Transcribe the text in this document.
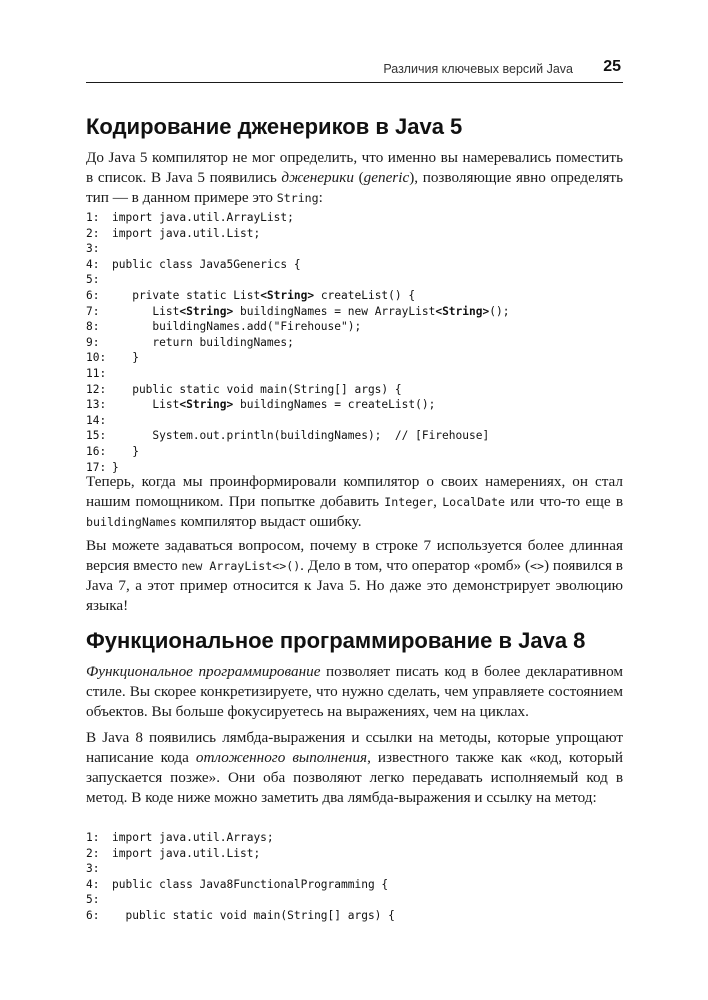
Различия ключевых версий Java 25
Кодирование дженериков в Java 5

До Java 5 компилятор не мог определить, что именно вы намеревались поместить в список. В Java 5 появились дженерики (generic), позволяющие явно определять тип — в данном примере это String:

1: import java.util.ArrayList;
2: import java.util.List;
3:
4: public class Java5Generics {
5:
6:   private static List<String> createList() {
7:      List<String> buildingNames = new ArrayList<String>();
8:      buildingNames.add("Firehouse");
9:      return buildingNames;
10:   }
11:
12:   public static void main(String[] args) {
13:      List<String> buildingNames = createList();
14:
15:      System.out.println(buildingNames);  // [Firehouse]
16:   }
17: }

Теперь, когда мы проинформировали компилятор о своих намерениях, он стал нашим помощником. При попытке добавить Integer, LocalDate или что-то еще в buildingNames компилятор выдаст ошибку.

Вы можете задаваться вопросом, почему в строке 7 используется более длинная версия вместо new ArrayList<>(). Дело в том, что оператор «ромб» (<>) появился в Java 7, а этот пример относится к Java 5. Но даже это демонстрирует эволюцию языка!

Функциональное программирование в Java 8

Функциональное программирование позволяет писать код в более декларативном стиле. Вы скорее конкретизируете, что нужно сделать, чем управляете состоянием объектов. Вы больше фокусируетесь на выражениях, чем на циклах.

В Java 8 появились лямбда-выражения и ссылки на методы, которые упрощают написание кода отложенного выполнения, известного также как «код, который запускается позже». Они оба позволяют легко передавать исполняемый код в метод. В коде ниже можно заметить два лямбда-выражения и ссылку на метод:

1: import java.util.Arrays;
2: import java.util.List;
3:
4: public class Java8FunctionalProgramming {
5:
6:  public static void main(String[] args) {
